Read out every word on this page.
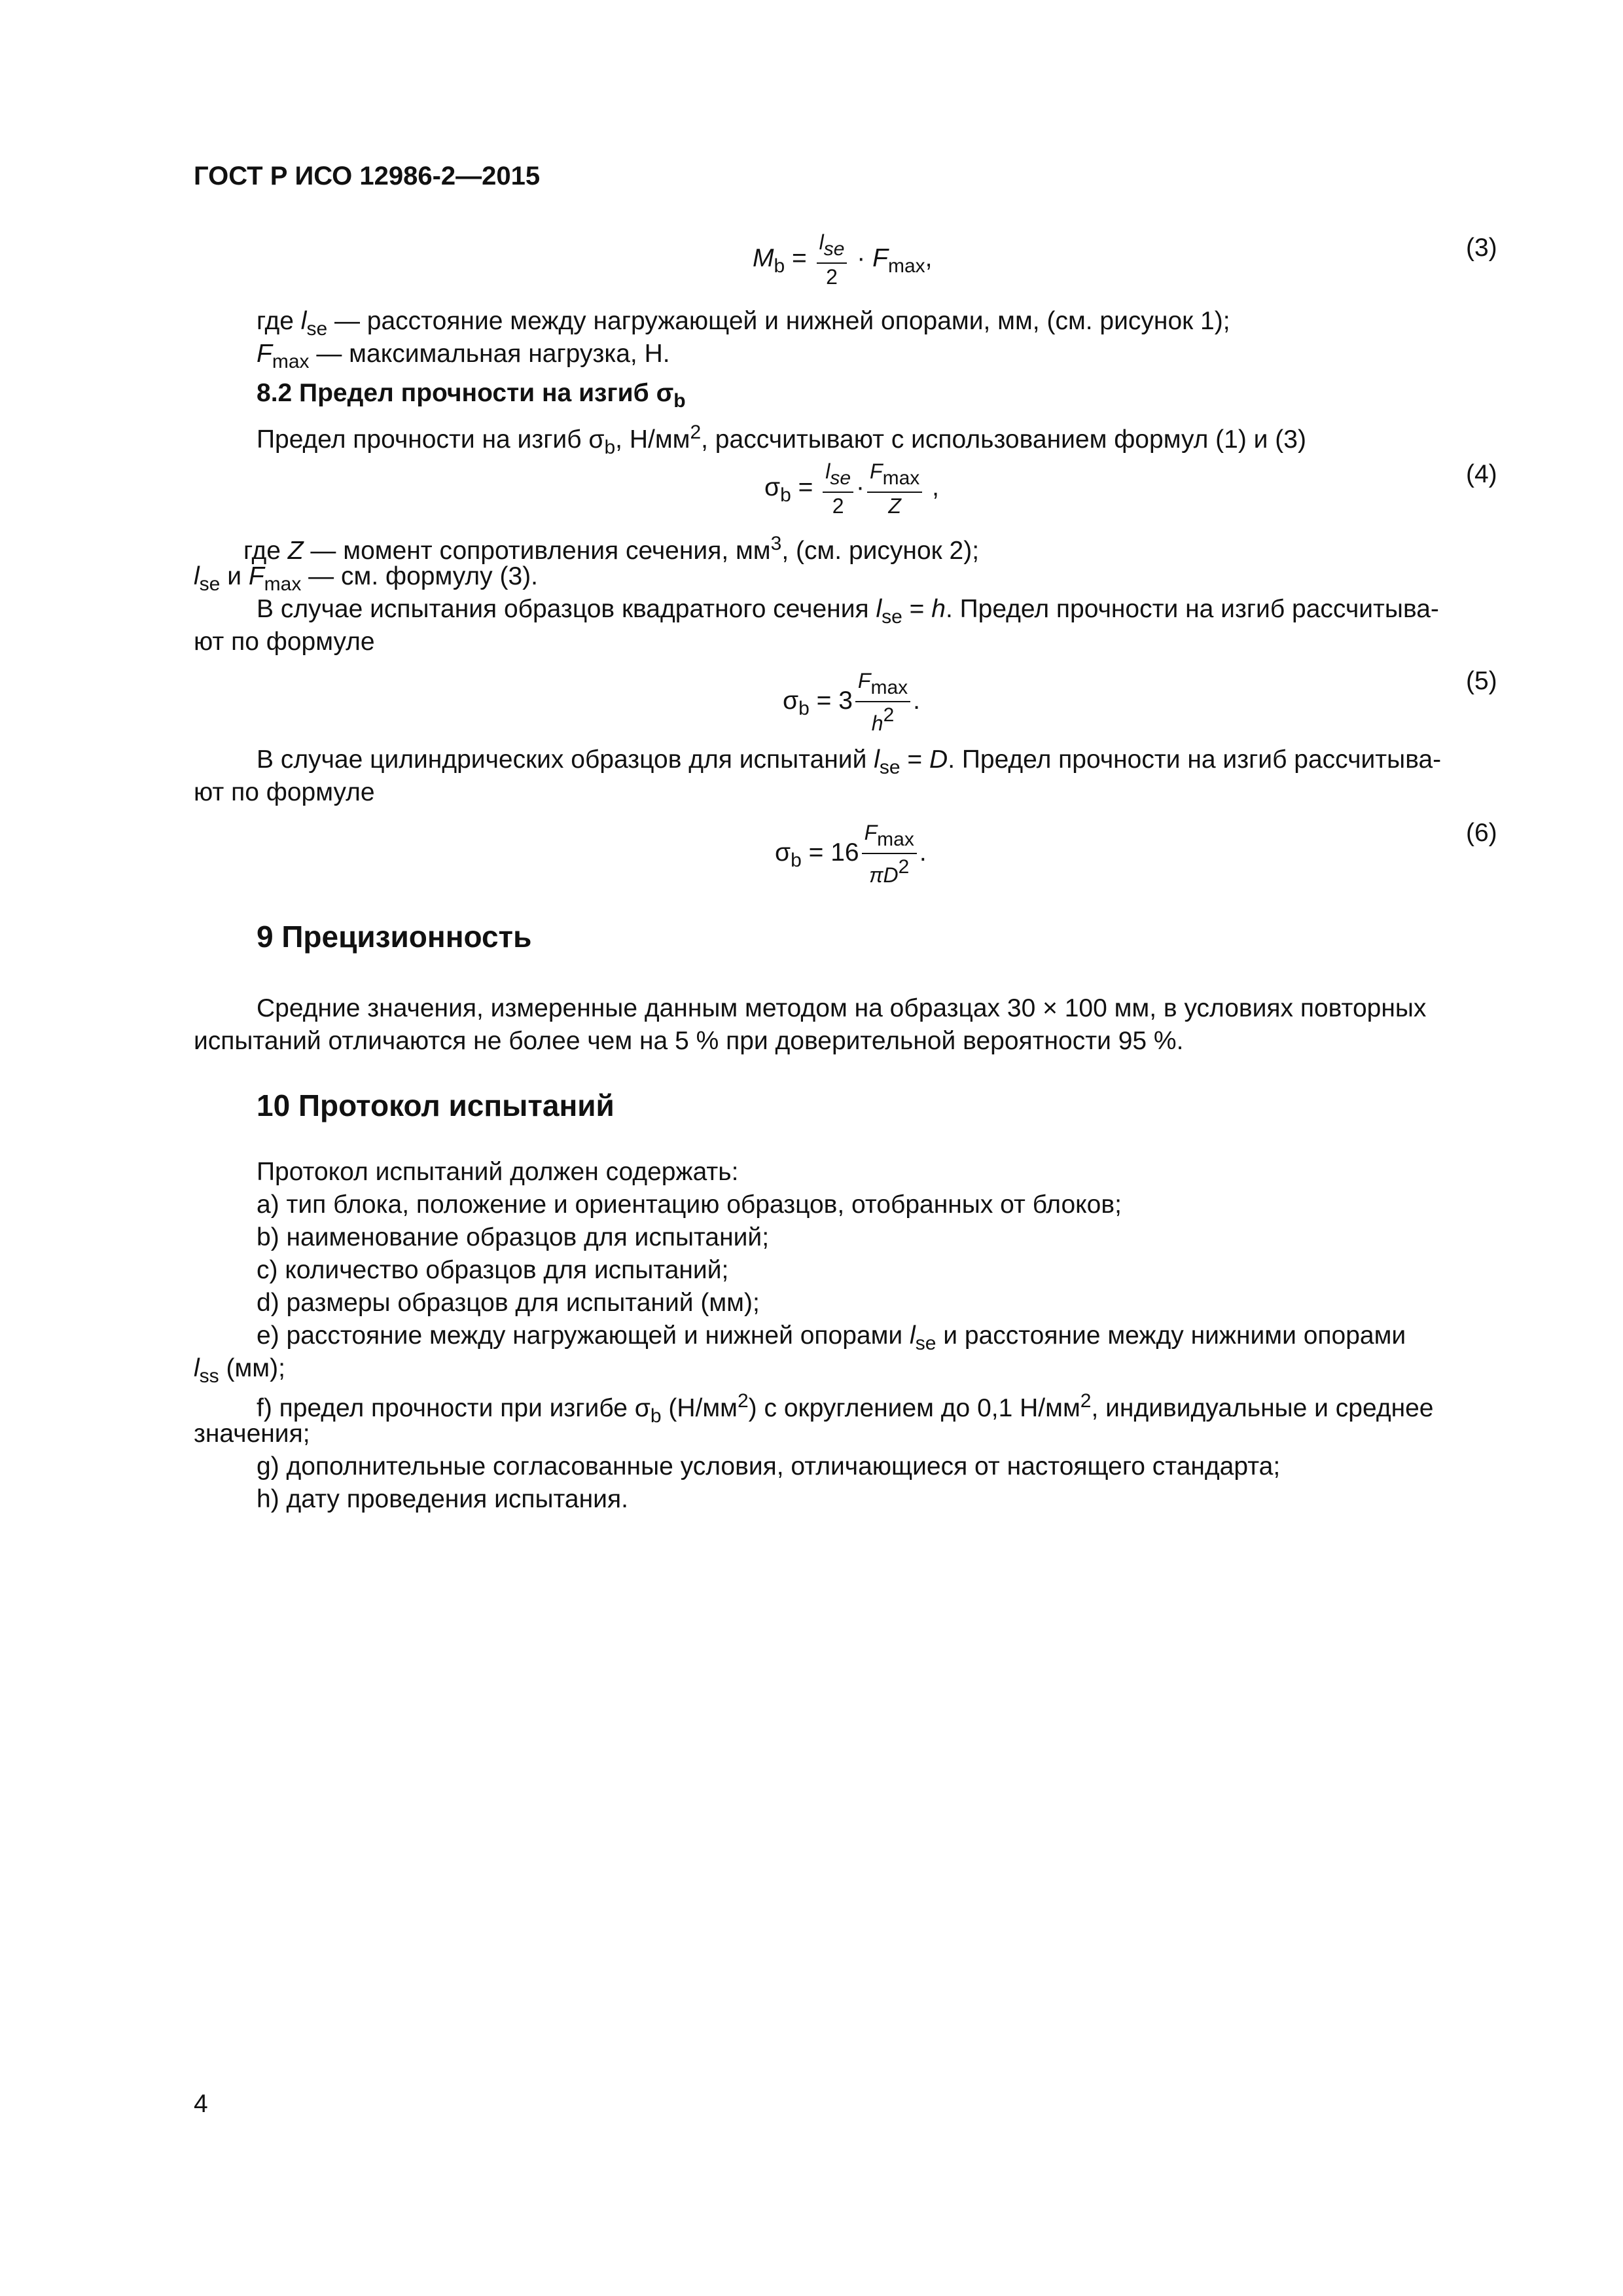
ГОСТ Р ИСО 12986-2—2015
$M_b = \frac{\text{lse}}{2} \cdot F_{max}$,	(3)
где $l_{se}$ — расстояние между нагружающей и нижней опорами, мм, (см. рисунок 1);
$F_{max}$ — максимальная нагрузка, Н.
8.2 Предел прочности на изгиб $\sigma_b$
Предел прочности на изгиб $\sigma_b$, $Н/мм^2$, рассчитывают с использованием формул (1) и (3)
$\sigma_b = \frac{\text{lse}}{2} \cdot \frac{Fmax}{Z}$ ,	(4)
где Z — момент сопротивления сечения, $мм^3$, (см. рисунок 2);
$l_{se}$ и $F_{max}$ — см. формулу (3).
В случае испытания образцов квадратного сечения $l_{se} = h$. Предел прочности на изгиб рассчитыва-
ют по формуле
$\sigma_b = 3 \frac{Fmax}{h2}$ .
(5)
В случае цилиндрических образцов для испытаний $l_{se} = D$. Предел прочности на изгиб рассчитыва-
ют по формуле
$\sigma_b = 16 \frac{Fmax}{\pi D2}$ .
(6)
9 Прецизионность
Средние значения, измеренные данным методом на образцах 30 × 100 мм, в условиях повторных
испытаний отличаются не более чем на 5 % при доверительной вероятности 95 %.
10 Протокол испытаний
Протокол испытаний должен содержать:
a) тип блока, положение и ориентацию образцов, отобранных от блоков;
b) наименование образцов для испытаний;
c) количество образцов для испытаний;
d) размеры образцов для испытаний (мм);
e) расстояние между нагружающей и нижней опорами $l_{se}$ и расстояние между нижними опорами
$l_{ss}$ (мм);
f) предел прочности при изгибе $\sigma_b$ $(Н/мм^2)$ с округлением до 0,1 $Н/мм^2$, индивидуальные и среднее
значения;
g) дополнительные согласованные условия, отличающиеся от настоящего стандарта;
h) дату проведения испытания.
4
